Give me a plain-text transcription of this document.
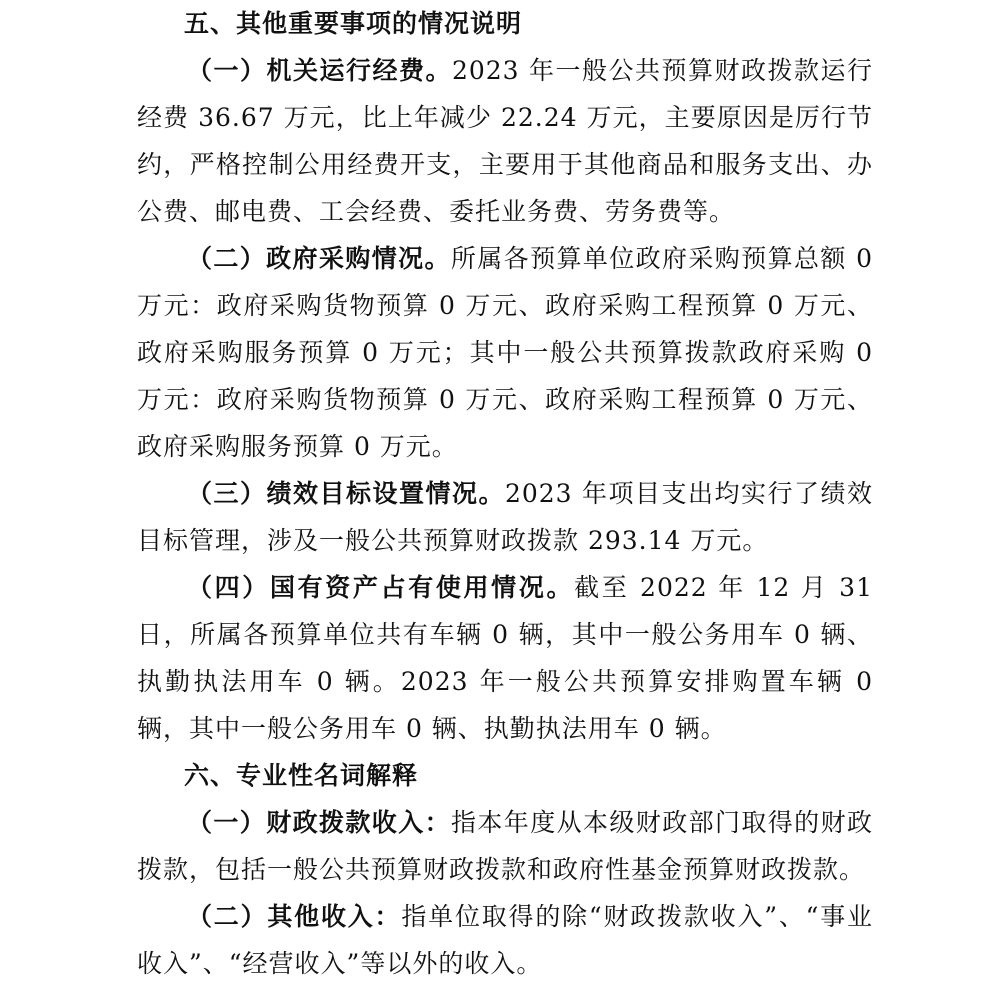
五、其他重要事项的情况说明

（一）机关运行经费。2023 年一般公共预算财政拨款运行经费 36.67 万元，比上年减少 22.24 万元，主要原因是厉行节约，严格控制公用经费开支，主要用于其他商品和服务支出、办公费、邮电费、工会经费、委托业务费、劳务费等。

（二）政府采购情况。所属各预算单位政府采购预算总额 0 万元：政府采购货物预算 0 万元、政府采购工程预算 0 万元、政府采购服务预算 0 万元；其中一般公共预算拨款政府采购 0 万元：政府采购货物预算 0 万元、政府采购工程预算 0 万元、政府采购服务预算 0 万元。

（三）绩效目标设置情况。2023 年项目支出均实行了绩效目标管理，涉及一般公共预算财政拨款 293.14 万元。

（四）国有资产占有使用情况。截至 2022 年 12 月 31 日，所属各预算单位共有车辆 0 辆，其中一般公务用车 0 辆、执勤执法用车 0 辆。2023 年一般公共预算安排购置车辆 0 辆，其中一般公务用车 0 辆、执勤执法用车 0 辆。

六、专业性名词解释

（一）财政拨款收入：指本年度从本级财政部门取得的财政拨款，包括一般公共预算财政拨款和政府性基金预算财政拨款。

（二）其他收入：指单位取得的除“财政拨款收入”、“事业收入”、“经营收入”等以外的收入。
